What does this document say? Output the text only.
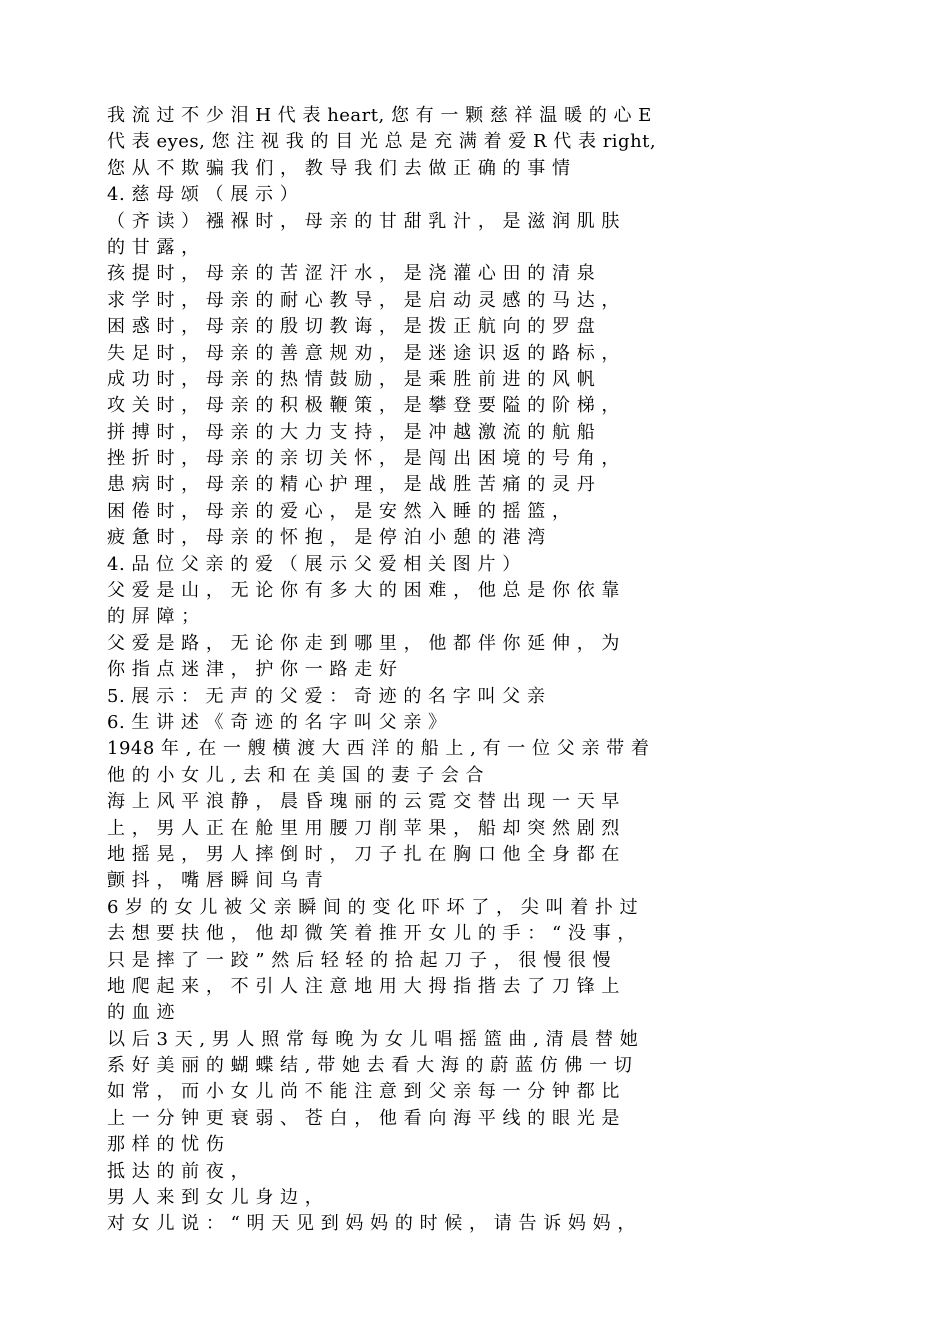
我 流 过 不 少 泪 H 代 表 heart, 您 有 一 颗 慈 祥 温 暖 的 心 E
代 表 eyes, 您 注 视 我 的 目 光 总 是 充 满 着 爱 R 代 表 right,
您 从 不 欺 骗 我 们 ， 教 导 我 们 去 做 正 确 的 事 情
4. 慈 母 颂 （ 展 示 ）
（ 齐 读 ） 襁 褓 时 ， 母 亲 的 甘 甜 乳 汁 ， 是 滋 润 肌 肤
的 甘 露 ，
孩 提 时 ， 母 亲 的 苦 涩 汗 水 ， 是 浇 灌 心 田 的 清 泉
求 学 时 ， 母 亲 的 耐 心 教 导 ， 是 启 动 灵 感 的 马 达 ，
困 惑 时 ， 母 亲 的 殷 切 教 诲 ， 是 拨 正 航 向 的 罗 盘
失 足 时 ， 母 亲 的 善 意 规 劝 ， 是 迷 途 识 返 的 路 标 ，
成 功 时 ， 母 亲 的 热 情 鼓 励 ， 是 乘 胜 前 进 的 风 帆
攻 关 时 ， 母 亲 的 积 极 鞭 策 ， 是 攀 登 要 隘 的 阶 梯 ，
拼 搏 时 ， 母 亲 的 大 力 支 持 ， 是 冲 越 激 流 的 航 船
挫 折 时 ， 母 亲 的 亲 切 关 怀 ， 是 闯 出 困 境 的 号 角 ，
患 病 时 ， 母 亲 的 精 心 护 理 ， 是 战 胜 苦 痛 的 灵 丹
困 倦 时 ， 母 亲 的 爱 心 ， 是 安 然 入 睡 的 摇 篮 ，
疲 惫 时 ， 母 亲 的 怀 抱 ， 是 停 泊 小 憩 的 港 湾
4. 品 位 父 亲 的 爱 （ 展 示 父 爱 相 关 图 片 ）
父 爱 是 山 ， 无 论 你 有 多 大 的 困 难 ， 他 总 是 你 依 靠
的 屏 障 ；
父 爱 是 路 ， 无 论 你 走 到 哪 里 ， 他 都 伴 你 延 伸 ， 为
你 指 点 迷 津 ， 护 你 一 路 走 好
5. 展 示 ： 无 声 的 父 爱 ： 奇 迹 的 名 字 叫 父 亲
6. 生 讲 述 《 奇 迹 的 名 字 叫 父 亲 》
1948 年 , 在 一 艘 横 渡 大 西 洋 的 船 上 , 有 一 位 父 亲 带 着
他 的 小 女 儿 , 去 和 在 美 国 的 妻 子 会 合
海 上 风 平 浪 静 ， 晨 昏 瑰 丽 的 云 霓 交 替 出 现 一 天 早
上 ， 男 人 正 在 舱 里 用 腰 刀 削 苹 果 ， 船 却 突 然 剧 烈
地 摇 晃 ， 男 人 摔 倒 时 ， 刀 子 扎 在 胸 口 他 全 身 都 在
颤 抖 ， 嘴 唇 瞬 间 乌 青
6 岁 的 女 儿 被 父 亲 瞬 间 的 变 化 吓 坏 了 ， 尖 叫 着 扑 过
去 想 要 扶 他 ， 他 却 微 笑 着 推 开 女 儿 的 手 ： “ 没 事 ，
只 是 摔 了 一 跤 ” 然 后 轻 轻 的 拾 起 刀 子 ， 很 慢 很 慢
地 爬 起 来 ， 不 引 人 注 意 地 用 大 拇 指 揩 去 了 刀 锋 上
的 血 迹
以 后 3 天 , 男 人 照 常 每 晚 为 女 儿 唱 摇 篮 曲 , 清 晨 替 她
系 好 美 丽 的 蝴 蝶 结 , 带 她 去 看 大 海 的 蔚 蓝 仿 佛 一 切
如 常 ， 而 小 女 儿 尚 不 能 注 意 到 父 亲 每 一 分 钟 都 比
上 一 分 钟 更 衰 弱 、 苍 白 ， 他 看 向 海 平 线 的 眼 光 是
那 样 的 忧 伤
抵 达 的 前 夜 ，
男 人 来 到 女 儿 身 边 ，
对 女 儿 说 ： “ 明 天 见 到 妈 妈 的 时 候 ， 请 告 诉 妈 妈 ，
